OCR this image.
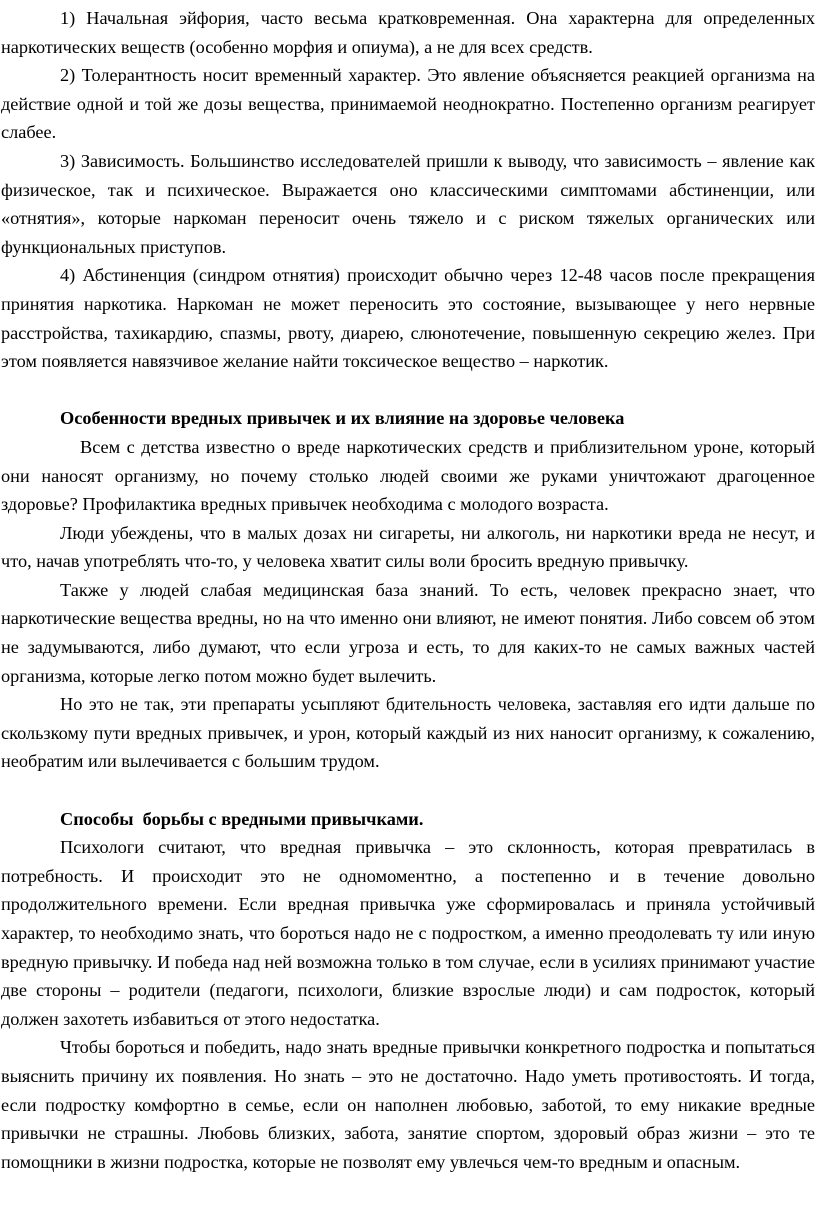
1) Начальная эйфория, часто весьма кратковременная. Она характерна для определенных наркотических веществ (особенно морфия и опиума), а не для всех средств.

2) Толерантность носит временный характер. Это явление объясняется реакцией организма на действие одной и той же дозы вещества, принимаемой неоднократно. Постепенно организм реагирует слабее.

3) Зависимость. Большинство исследователей пришли к выводу, что зависимость – явление как физическое, так и психическое. Выражается оно классическими симптомами абстиненции, или «отнятия», которые наркоман переносит очень тяжело и с риском тяжелых органических или функциональных приступов.

4) Абстиненция (синдром отнятия) происходит обычно через 12-48 часов после прекращения принятия наркотика. Наркоман не может переносить это состояние, вызывающее у него нервные расстройства, тахикардию, спазмы, рвоту, диарею, слюнотечение, повышенную секрецию желез. При этом появляется навязчивое желание найти токсическое вещество – наркотик.

Особенности вредных привычек и их влияние на здоровье человека

Всем с детства известно о вреде наркотических средств и приблизительном уроне, который они наносят организму, но почему столько людей своими же руками уничтожают драгоценное здоровье? Профилактика вредных привычек необходима с молодого возраста.

Люди убеждены, что в малых дозах ни сигареты, ни алкоголь, ни наркотики вреда не несут, и что, начав употреблять что-то, у человека хватит силы воли бросить вредную привычку.

Также у людей слабая медицинская база знаний. То есть, человек прекрасно знает, что наркотические вещества вредны, но на что именно они влияют, не имеют понятия. Либо совсем об этом не задумываются, либо думают, что если угроза и есть, то для каких-то не самых важных частей организма, которые легко потом можно будет вылечить.

Но это не так, эти препараты усыпляют бдительность человека, заставляя его идти дальше по скользкому пути вредных привычек, и урон, который каждый из них наносит организму, к сожалению, необратим или вылечивается с большим трудом.

Способы  борьбы с вредными привычками.

Психологи считают, что вредная привычка – это склонность, которая превратилась в потребность. И происходит это не одномоментно, а постепенно и в течение довольно продолжительного времени. Если вредная привычка уже сформировалась и приняла устойчивый характер, то необходимо знать, что бороться надо не с подростком, а именно преодолевать ту или иную вредную привычку. И победа над ней возможна только в том случае, если в усилиях принимают участие две стороны – родители (педагоги, психологи, близкие взрослые люди) и сам подросток, который должен захотеть избавиться от этого недостатка.

Чтобы бороться и победить, надо знать вредные привычки конкретного подростка и попытаться выяснить причину их появления. Но знать – это не достаточно. Надо уметь противостоять. И тогда, если подростку комфортно в семье, если он наполнен любовью, заботой, то ему никакие вредные привычки не страшны. Любовь близких, забота, занятие спортом, здоровый образ жизни – это те помощники в жизни подростка, которые не позволят ему увлечься чем-то вредным и опасным.
